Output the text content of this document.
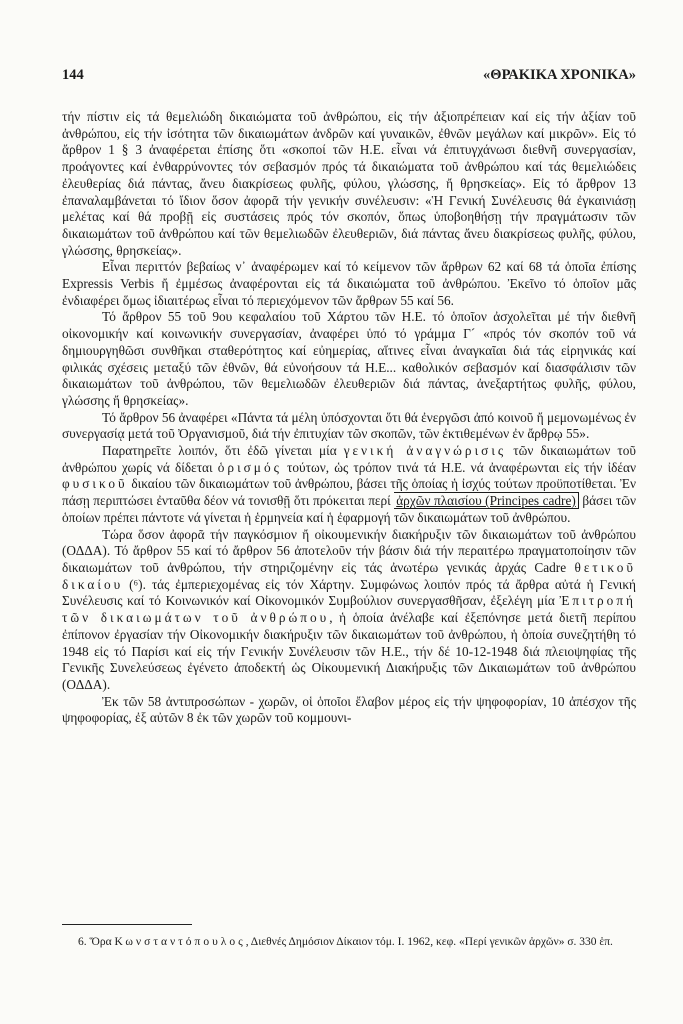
144	«ΘΡΑΚΙΚΑ ΧΡΟΝΙΚΑ»

τήν πίστιν εἰς τά θεμελιώδη δικαιώματα τοῦ ἀνθρώπου, εἰς τήν ἀξιοπρέπειαν καί εἰς τήν ἀξίαν τοῦ ἀνθρώπου, εἰς τήν ἰσότητα τῶν δικαιωμάτων ἀνδρῶν καί γυναικῶν, ἐθνῶν μεγάλων καί μικρῶν». Εἰς τό ἄρθρον 1 § 3 ἀναφέρεται ἐπίσης ὅτι «σκοποί τῶν Η.Ε. εἶναι νά ἐπιτυγχάνωσι διεθνῆ συνεργασίαν, προάγοντες καί ἐνθαρρύνοντες τόν σεβασμόν πρός τά δικαιώματα τοῦ ἀνθρώπου καί τάς θεμελιώδεις ἐλευθερίας διά πάντας, ἄνευ διακρίσεως φυλῆς, φύλου, γλώσσης, ἤ θρησκείας». Εἰς τό ἄρθρον 13 ἐπαναλαμβάνεται τό ἴδιον ὅσον ἀφορᾶ τήν γενικήν συνέλευσιν: «Ἡ Γενική Συνέλευσις θά ἐγκαινιάσῃ μελέτας καί θά προβῇ εἰς συστάσεις πρός τόν σκοπόν, ὅπως ὑποβοηθήσῃ τήν πραγμάτωσιν τῶν δικαιωμάτων τοῦ ἀνθρώπου καί τῶν θεμελιωδῶν ἐλευθεριῶν, διά πάντας ἄνευ διακρίσεως φυλῆς, φύλου, γλώσσης, θρησκείας».

Εἶναι περιττόν βεβαίως ν᾽ ἀναφέρωμεν καί τό κείμενον τῶν ἄρθρων 62 καί 68 τά ὁποῖα ἐπίσης Expressis Verbis ἤ ἐμμέσως ἀναφέρονται εἰς τά δικαιώματα τοῦ ἀνθρώπου. Ἐκεῖνο τό ὁποῖον μᾶς ἐνδιαφέρει ὅμως ἰδιαιτέρως εἶναι τό περιεχόμενον τῶν ἄρθρων 55 καί 56.

Τό ἄρθρον 55 τοῦ 9ου κεφαλαίου τοῦ Χάρτου τῶν Η.Ε. τό ὁποῖον ἀσχολεῖται μέ τήν διεθνῆ οἰκονομικήν καί κοινωνικήν συνεργασίαν, ἀναφέρει ὑπό τό γράμμα Γ´ «πρός τόν σκοπόν τοῦ νά δημιουργηθῶσι συνθῆκαι σταθερότητος καί εὐημερίας, αἵτινες εἶναι ἀναγκαῖαι διά τάς εἰρηνικάς καί φιλικάς σχέσεις μεταξύ τῶν ἐθνῶν, θά εὐνοήσουν τά Η.Ε... καθολικόν σεβασμόν καί διασφάλισιν τῶν δικαιωμάτων τοῦ ἀνθρώπου, τῶν θεμελιωδῶν ἐλευθεριῶν διά πάντας, ἀνεξαρτήτως φυλῆς, φύλου, γλώσσης ἤ θρησκείας».

Τό ἄρθρον 56 ἀναφέρει «Πάντα τά μέλη ὑπόσχονται ὅτι θά ἐνεργῶσι ἀπό κοινοῦ ἤ μεμονωμένως ἐν συνεργασίᾳ μετά τοῦ Ὀργανισμοῦ, διά τήν ἐπιτυχίαν τῶν σκοπῶν, τῶν ἐκτιθεμένων ἐν ἄρθρῳ 55».

Παρατηρεῖτε λοιπόν, ὅτι ἐδῶ γίνεται μία γενική ἀναγνώρισις τῶν δικαιωμάτων τοῦ ἀνθρώπου χωρίς νά δίδεται ὁρισμός τούτων, ὡς τρόπον τινά τά Η.Ε. νά ἀναφέρωνται εἰς τήν ἰδέαν φυσικοῦ δικαίου τῶν δικαιωμάτων τοῦ ἀνθρώπου, βάσει τῆς ὁποίας ἡ ἰσχύς τούτων προϋποτίθεται. Ἐν πάσῃ περιπτώσει ἐνταῦθα δέον νά τονισθῇ ὅτι πρόκειται περί ἀρχῶν πλαισίου (Principes cadre) βάσει τῶν ὁποίων πρέπει πάντοτε νά γίνεται ἡ ἑρμηνεία καί ἡ ἐφαρμογή τῶν δικαιωμάτων τοῦ ἀνθρώπου.

Τώρα ὅσον ἀφορᾶ τήν παγκόσμιον ἤ οἰκουμενικήν διακήρυξιν τῶν δικαιωμάτων τοῦ ἀνθρώπου (ΟΔΔΑ). Τό ἄρθρον 55 καί τό ἄρθρον 56 ἀποτελοῦν τήν βάσιν διά τήν περαιτέρω πραγματοποίησιν τῶν δικαιωμάτων τοῦ ἀνθρώπου, τήν στηριζομένην εἰς τάς ἀνωτέρω γενικάς ἀρχάς Cadre θετικοῦ δικαίου (⁶). τάς ἐμπεριεχομένας εἰς τόν Χάρτην. Συμφώνως λοιπόν πρός τά ἄρθρα αὐτά ἡ Γενική Συνέλευσις καί τό Κοινωνικόν καί Οἰκονομικόν Συμβούλιον συνεργασθῆσαν, ἐξελέγη μία Ἐπιτροπή τῶν δικαιωμάτων τοῦ ἀνθρώπου, ἡ ὁποία ἀνέλαβε καί ἐξεπόνησε μετά διετῆ περίπου ἐπίπονον ἐργασίαν τήν Οἰκονομικήν διακήρυξιν τῶν δικαιωμάτων τοῦ ἀνθρώπου, ἡ ὁποία συνεζητήθη τό 1948 εἰς τό Παρίσι καί εἰς τήν Γενικήν Συνέλευσιν τῶν Η.Ε., τήν δέ 10-12-1948 διά πλειοψηφίας τῆς Γενικῆς Συνελεύσεως ἐγένετο ἀποδεκτή ὡς Οἰκουμενική Διακήρυξις τῶν Δικαιωμάτων τοῦ ἀνθρώπου (ΟΔΔΑ).

Ἐκ τῶν 58 ἀντιπροσώπων - χωρῶν, οἱ ὁποῖοι ἔλαβον μέρος εἰς τήν ψηφοφορίαν, 10 ἀπέσχον τῆς ψηφοφορίας, ἐξ αὐτῶν 8 ἐκ τῶν χωρῶν τοῦ κομμουνι-

6. Ὅρα Κωνσταντόπουλος, Διεθνές Δημόσιον Δίκαιον τόμ. Ι. 1962, κεφ. «Περί γενικῶν ἀρχῶν» σ. 330 ἑπ.
